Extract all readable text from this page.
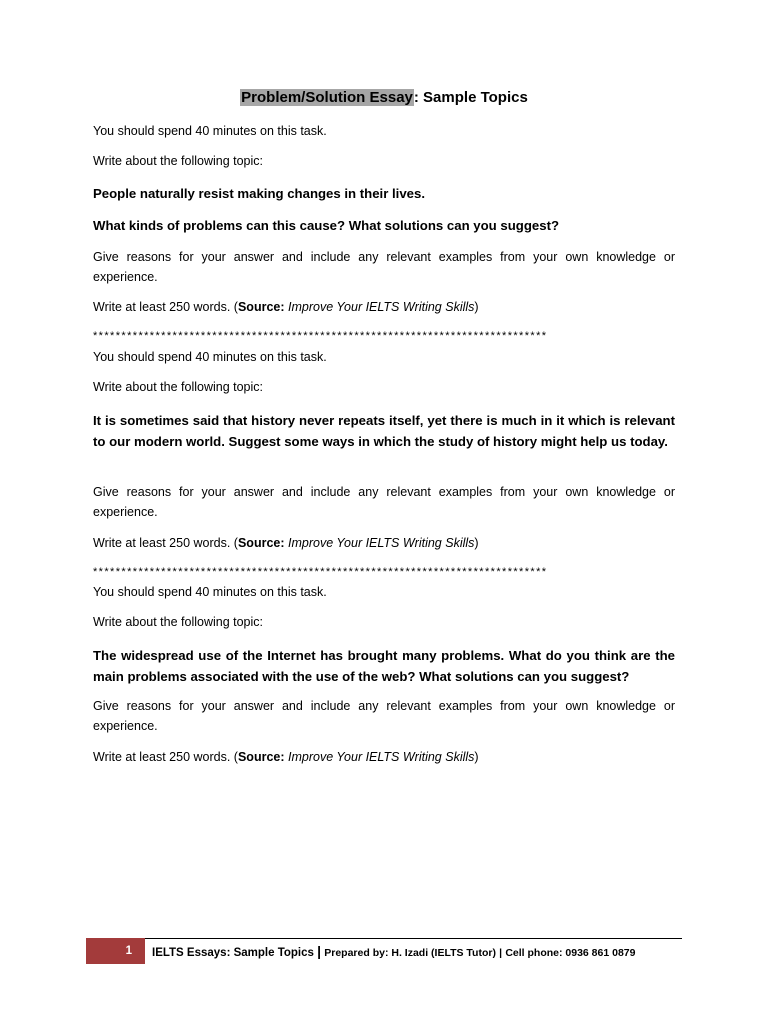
Problem/Solution Essay: Sample Topics

You should spend 40 minutes on this task.

Write about the following topic:

People naturally resist making changes in their lives.

What kinds of problems can this cause? What solutions can you suggest?

Give reasons for your answer and include any relevant examples from your own knowledge or experience.

Write at least 250 words. (Source: Improve Your IELTS Writing Skills)

********************************************************************************

You should spend 40 minutes on this task.

Write about the following topic:

It is sometimes said that history never repeats itself, yet there is much in it which is relevant to our modern world. Suggest some ways in which the study of history might help us today.

Give reasons for your answer and include any relevant examples from your own knowledge or experience.

Write at least 250 words. (Source: Improve Your IELTS Writing Skills)

********************************************************************************

You should spend 40 minutes on this task.

Write about the following topic:

The widespread use of the Internet has brought many problems. What do you think are the main problems associated with the use of the web? What solutions can you suggest?

Give reasons for your answer and include any relevant examples from your own knowledge or experience.

Write at least 250 words. (Source: Improve Your IELTS Writing Skills)

1	IELTS Essays: Sample Topics | Prepared by: H. Izadi (IELTS Tutor) | Cell phone: 0936 861 0879
